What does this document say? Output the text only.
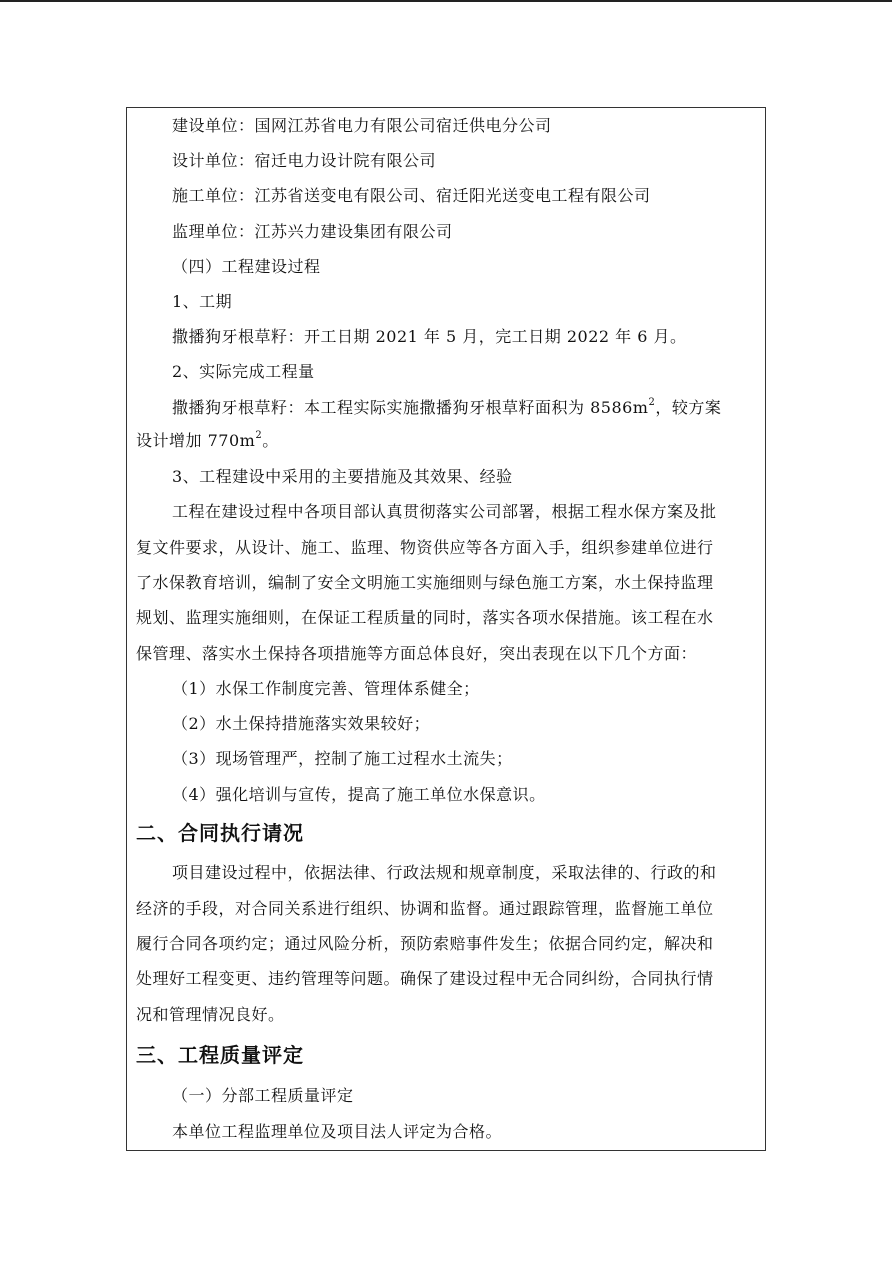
建设单位：国网江苏省电力有限公司宿迁供电分公司
设计单位：宿迁电力设计院有限公司
施工单位：江苏省送变电有限公司、宿迁阳光送变电工程有限公司
监理单位：江苏兴力建设集团有限公司
（四）工程建设过程
1、工期
撒播狗牙根草籽：开工日期 2021 年 5 月，完工日期 2022 年 6 月。
2、实际完成工程量
撒播狗牙根草籽：本工程实际实施撒播狗牙根草籽面积为 $8586m^2$，较方案
设计增加 $770m^2$。
3、工程建设中采用的主要措施及其效果、经验
工程在建设过程中各项目部认真贯彻落实公司部署，根据工程水保方案及批
复文件要求，从设计、施工、监理、物资供应等各方面入手，组织参建单位进行
了水保教育培训，编制了安全文明施工实施细则与绿色施工方案，水土保持监理
规划、监理实施细则，在保证工程质量的同时，落实各项水保措施。该工程在水
保管理、落实水土保持各项措施等方面总体良好，突出表现在以下几个方面：
（1）水保工作制度完善、管理体系健全；
（2）水土保持措施落实效果较好；
（3）现场管理严，控制了施工过程水土流失；
（4）强化培训与宣传，提高了施工单位水保意识。
二、合同执行请况
项目建设过程中，依据法律、行政法规和规章制度，采取法律的、行政的和
经济的手段，对合同关系进行组织、协调和监督。通过跟踪管理，监督施工单位
履行合同各项约定；通过风险分析，预防索赔事件发生；依据合同约定，解决和
处理好工程变更、违约管理等问题。确保了建设过程中无合同纠纷，合同执行情
况和管理情况良好。
三、工程质量评定
（一）分部工程质量评定
本单位工程监理单位及项目法人评定为合格。
